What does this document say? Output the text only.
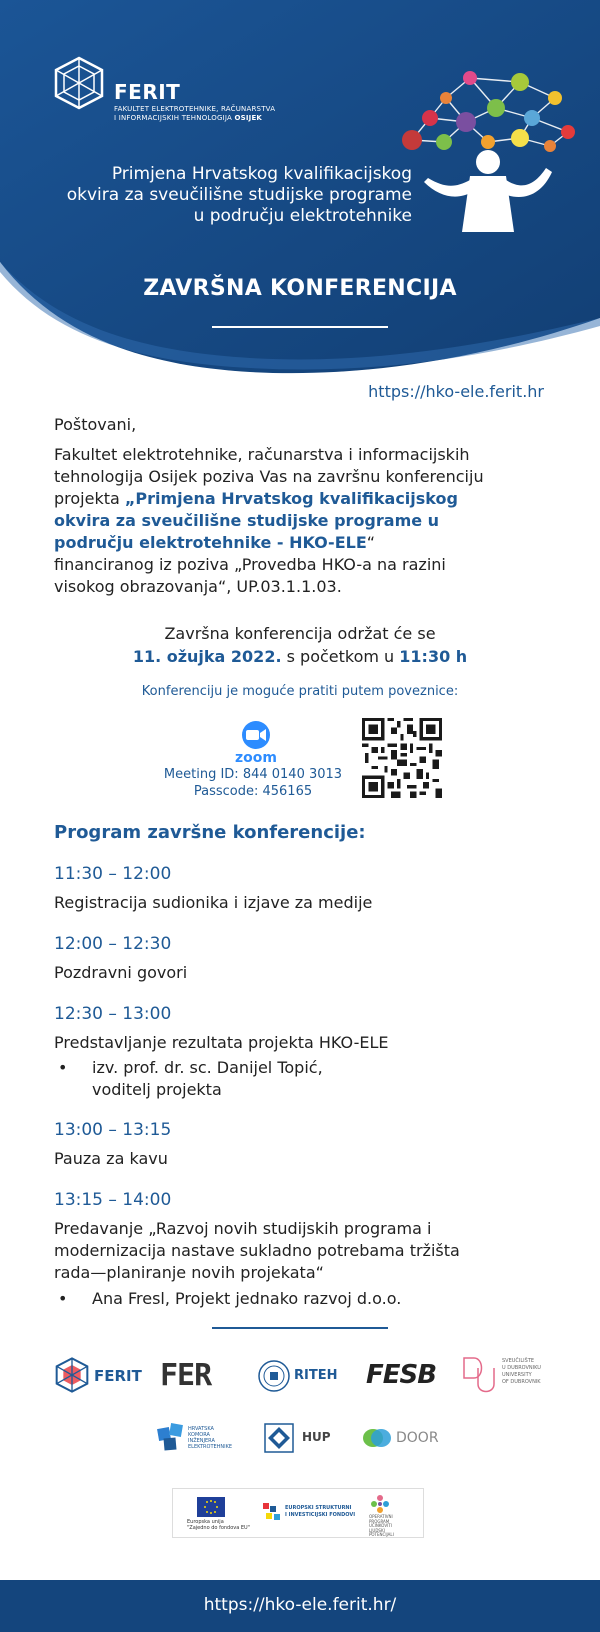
FERIT
FAKULTET ELEKTROTEHNIKE, RAČUNARSTVA
I INFORMACIJSKIH TEHNOLOGIJA OSIJEK
Primjena Hrvatskog kvalifikacijskog
okvira za sveučilišne studijske programe
u području elektrotehnike
ZAVRŠNA KONFERENCIJA
https://hko-ele.ferit.hr
Poštovani,
Fakultet elektrotehnike, računarstva i informacijskih
tehnologija Osijek poziva Vas na završnu konferenciju
projekta „Primjena Hrvatskog kvalifikacijskog
okvira za sveučilišne studijske programe u
području elektrotehnike - HKO-ELE“
financiranog iz poziva „Provedba HKO-a na razini
visokog obrazovanja“, UP.03.1.1.03.
Završna konferencija održat će se
11. ožujka 2022. s početkom u 11:30 h
Konferenciju je moguće pratiti putem poveznice:
zoom
Meeting ID: 844 0140 3013
Passcode: 456165
Program završne konferencije:
11:30 – 12:00
Registracija sudionika i izjave za medije
12:00 – 12:30
Pozdravni govori
12:30 – 13:00
Predstavljanje rezultata projekta HKO-ELE
• izv. prof. dr. sc. Danijel Topić,
voditelj projekta
13:00 – 13:15
Pauza za kavu
13:15 – 14:00
Predavanje „Razvoj novih studijskih programa i
modernizacija nastave sukladno potrebama tržišta
rada—planiranje novih projekata“
• Ana Fresl, Projekt jednako razvoj d.o.o.
FERIT FER	RITEH FESB	SVEUČILIŠTE
U DUBROVNIKU
UNIVERSITY
OF DUBROVNIK
HRVATSKA
KOMORA
INŽENJERA
ELEKTROTEHNIKE
HUP	DOOR
Europska unija
"Zajedno do fondova EU"
EUROPSKI STRUKTURNI
I INVESTICIJSKI FONDOVI	OPERATIVNI
PROGRAM
UČINKOVITI
LJUDSKI
POTENCIJALI
https://hko-ele.ferit.hr/
